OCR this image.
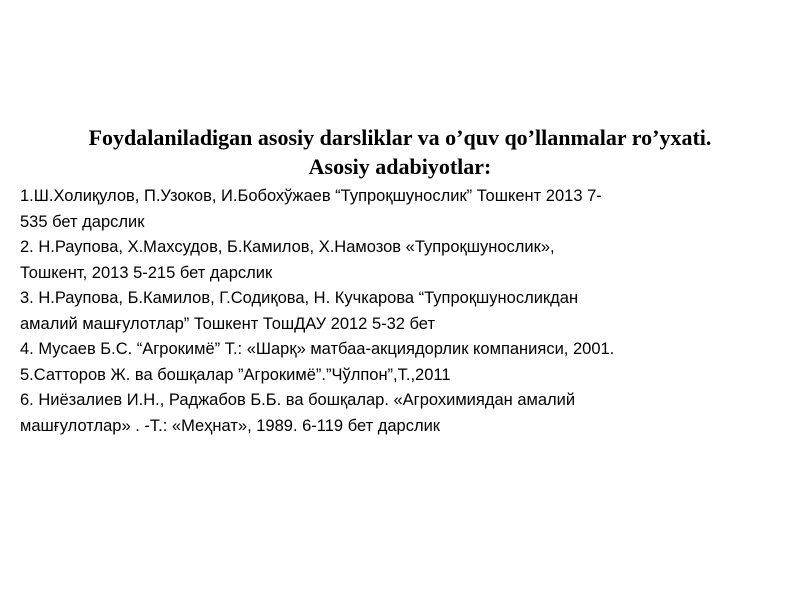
Foydalaniladigan asosiy darsliklar va o’quv qo’llanmalar ro’yxati.
Asosiy adabiyotlar:
1.Ш.Холиқулов, П.Узоков, И.Бобохўжаев “Тупроқшунослик” Тошкент 2013 7-
535 бет дарслик
2. Н.Раупова, Х.Махсудов, Б.Камилов, Х.Намозов «Тупроқшунослик»,
Тошкент, 2013 5-215 бет дарслик
3. Н.Раупова, Б.Камилов, Г.Содиқова, Н. Кучкарова “Тупроқшуносликдан
амалий машғулотлар” Тошкент ТошДАУ 2012 5-32 бет
4. Мусаев Б.С. “Агрокимё” Т.: «Шарқ» матбаа-акциядорлик компанияси, 2001.
5.Сатторов Ж. ва бошқалар ”Агрокимё”.”Чўлпон”,Т.,2011
6. Ниёзалиев И.Н., Раджабов Б.Б. ва бошқалар. «Агрохимиядан амалий
машғулотлар» . -Т.: «Меҳнат», 1989. 6-119 бет дарслик
